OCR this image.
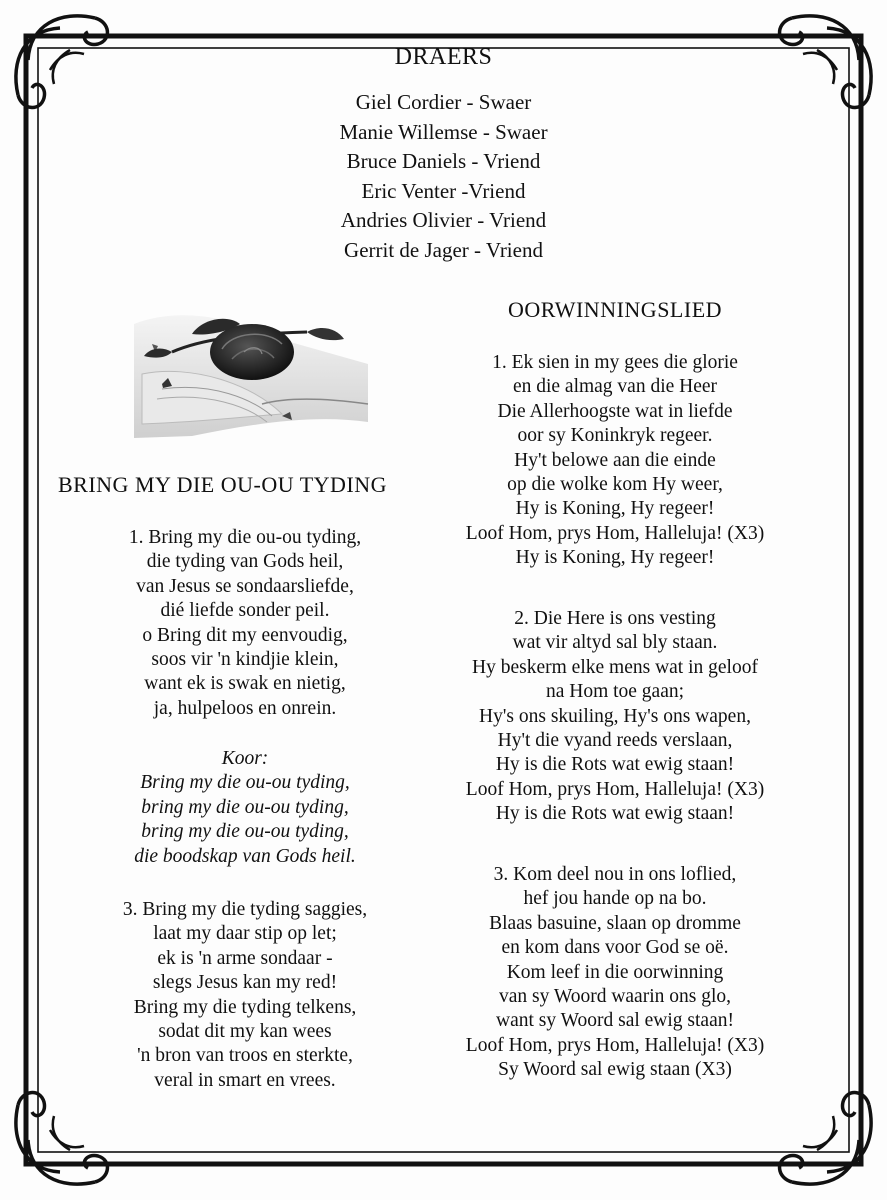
DRAERS
Giel Cordier - Swaer
Manie Willemse - Swaer
Bruce Daniels - Vriend
Eric Venter -Vriend
Andries Olivier - Vriend
Gerrit de Jager - Vriend
BRING MY DIE OU-OU TYDING
1. Bring my die ou-ou tyding,
die tyding van Gods heil,
van Jesus se sondaarsliefde,
dié liefde sonder peil.
o Bring dit my eenvoudig,
soos vir 'n kindjie klein,
want ek is swak en nietig,
ja, hulpeloos en onrein.
Koor:
Bring my die ou-ou tyding,
bring my die ou-ou tyding,
bring my die ou-ou tyding,
die boodskap van Gods heil.
3. Bring my die tyding saggies,
laat my daar stip op let;
ek is 'n arme sondaar -
slegs Jesus kan my red!
Bring my die tyding telkens,
sodat dit my kan wees
'n bron van troos en sterkte,
veral in smart en vrees.
OORWINNINGSLIED
1. Ek sien in my gees die glorie
en die almag van die Heer
Die Allerhoogste wat in liefde
oor sy Koninkryk regeer.
Hy't belowe aan die einde
op die wolke kom Hy weer,
Hy is Koning, Hy regeer!
Loof Hom, prys Hom, Halleluja! (X3)
Hy is Koning, Hy regeer!
2. Die Here is ons vesting
wat vir altyd sal bly staan.
Hy beskerm elke mens wat in geloof
na Hom toe gaan;
Hy's ons skuiling, Hy's ons wapen,
Hy't die vyand reeds verslaan,
Hy is die Rots wat ewig staan!
Loof Hom, prys Hom, Halleluja! (X3)
Hy is die Rots wat ewig staan!
3. Kom deel nou in ons loflied,
hef jou hande op na bo.
Blaas basuine, slaan op dromme
en kom dans voor God se oë.
Kom leef in die oorwinning
van sy Woord waarin ons glo,
want sy Woord sal ewig staan!
Loof Hom, prys Hom, Halleluja! (X3)
Sy Woord sal ewig staan (X3)
